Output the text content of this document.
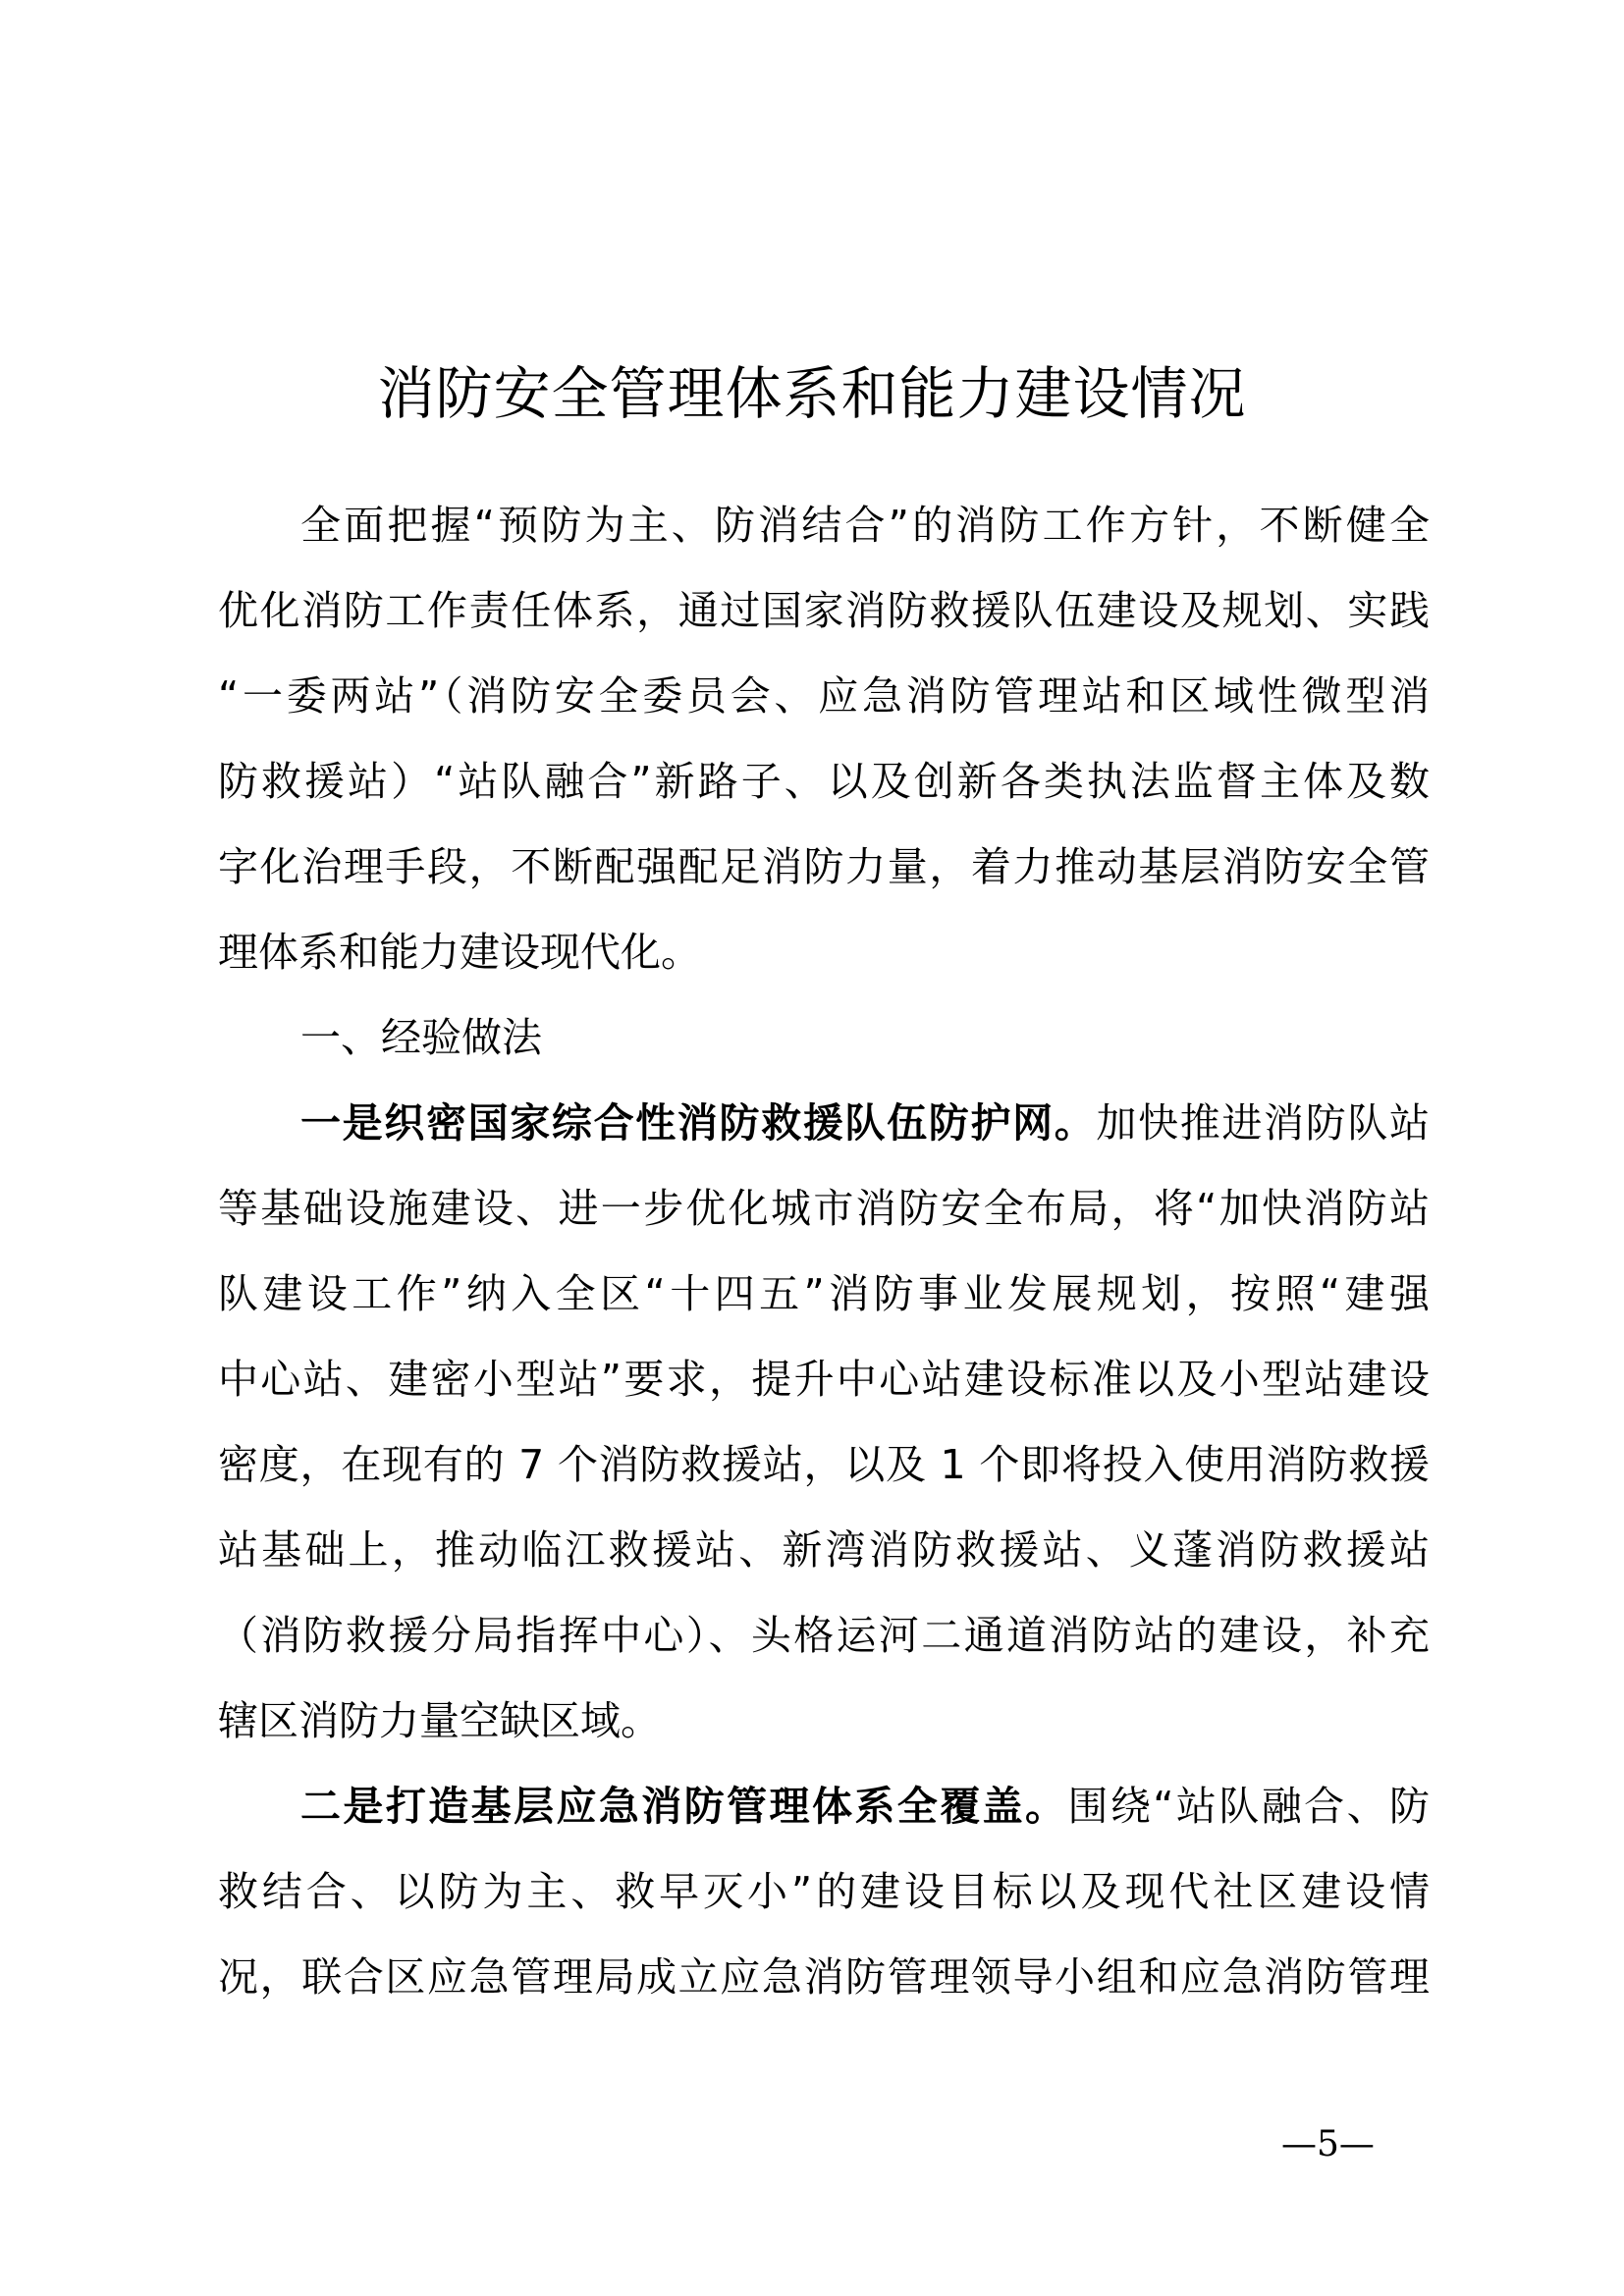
消防安全管理体系和能力建设情况
全面把握“预防为主、防消结合”的消防工作方针，不断健全
优化消防工作责任体系，通过国家消防救援队伍建设及规划、实践
“一委两站”（消防安全委员会、应急消防管理站和区域性微型消
防救援站）“站队融合”新路子、以及创新各类执法监督主体及数
字化治理手段，不断配强配足消防力量，着力推动基层消防安全管
理体系和能力建设现代化。
一、经验做法
一是织密国家综合性消防救援队伍防护网。加快推进消防队站
等基础设施建设、进一步优化城市消防安全布局，将“加快消防站
队建设工作”纳入全区“十四五”消防事业发展规划，按照“建强
中心站、建密小型站”要求，提升中心站建设标准以及小型站建设
密度，在现有的 7 个消防救援站，以及 1 个即将投入使用消防救援
站基础上，推动临江救援站、新湾消防救援站、义蓬消防救援站
（消防救援分局指挥中心）、头格运河二通道消防站的建设，补充
辖区消防力量空缺区域。
二是打造基层应急消防管理体系全覆盖。围绕“站队融合、防
救结合、以防为主、救早灭小”的建设目标以及现代社区建设情
况，联合区应急管理局成立应急消防管理领导小组和应急消防管理
—5—
